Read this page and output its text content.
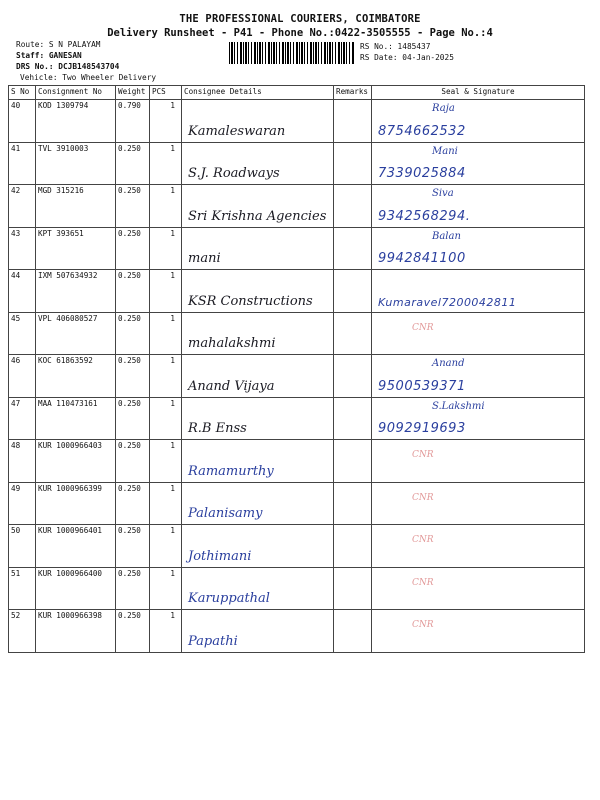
THE PROFESSIONAL COURIERS, COIMBATORE
Delivery Runsheet - P41 - Phone No.:0422-3505555 - Page No.:4
Route: S N PALAYAM
Staff: GANESAN
DRS No.: DCJB148543704
Vehicle: Two Wheeler Delivery
RS No.: 1485437
RS Date: 04-Jan-2025
S No	Consignment No	Weight	PCS	Consignee Details	Remarks	Seal & Signature
40	KOD 1309794	0.790	1	Kamaleswaran		Raja
8754662532

41	TVL 3910003	0.250	1	S.J. Roadways		Mani
7339025884

42	MGD 315216	0.250	1	Sri Krishna Agencies		Siva
9342568294.

43	KPT 393651	0.250	1	mani		Balan
9942841100

44	IXM 507634932	0.250	1	KSR Constructions		Kumaravel7200042811

45	VPL 406080527	0.250	1	mahalakshmi		CNR

46	KOC 61863592	0.250	1	Anand Vijaya		Anand
9500539371

47	MAA 110473161	0.250	1	R.B Enss		S.Lakshmi
9092919693

48	KUR 1000966403	0.250	1	Ramamurthy		CNR

49	KUR 1000966399	0.250	1	Palanisamy		CNR

50	KUR 1000966401	0.250	1	Jothimani		CNR

51	KUR 1000966400	0.250	1	Karuppathal		CNR

52	KUR 1000966398	0.250	1	Papathi		CNR
